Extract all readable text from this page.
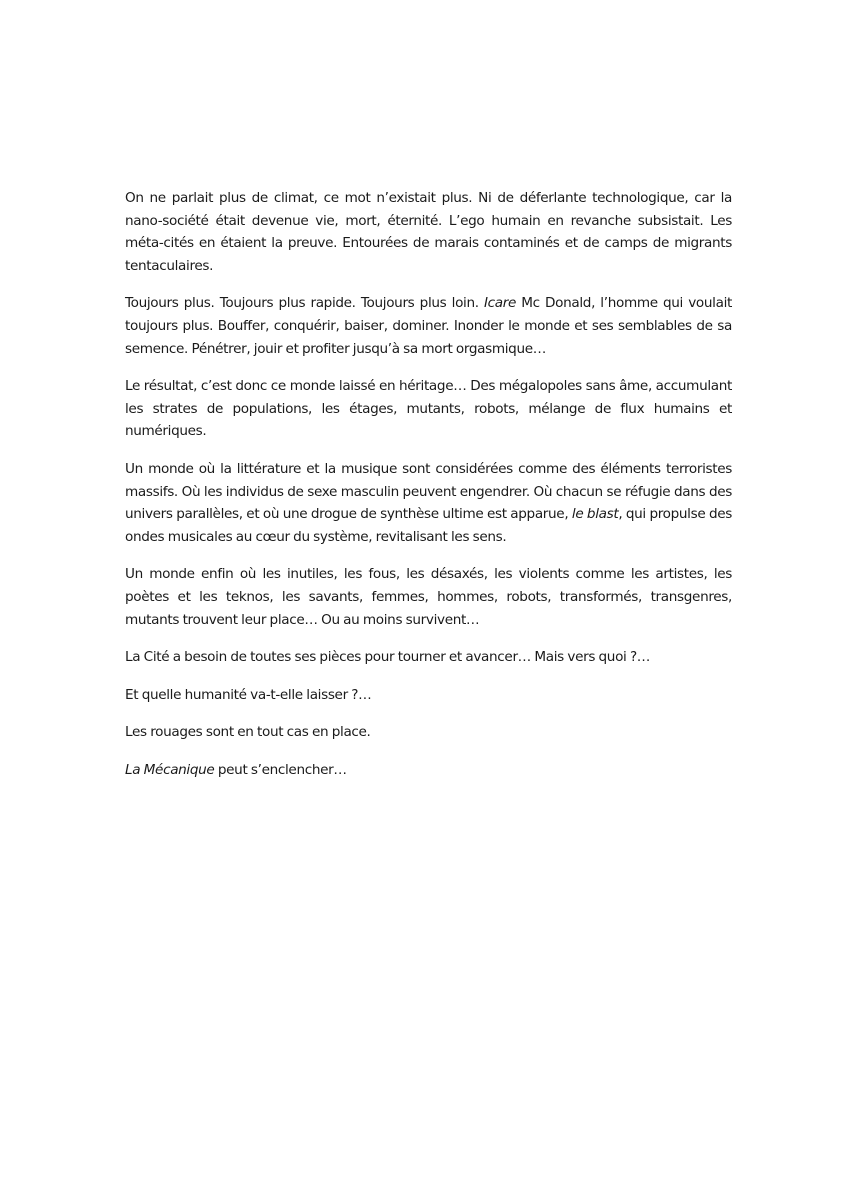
On ne parlait plus de climat, ce mot n’existait plus. Ni de déferlante technologique, car la nano-société était devenue vie, mort, éternité. L’ego humain en revanche subsistait. Les méta-cités en étaient la preuve. Entourées de marais contaminés et de camps de migrants tentaculaires.

Toujours plus. Toujours plus rapide. Toujours plus loin. Icare Mc Donald, l’homme qui voulait toujours plus. Bouffer, conquérir, baiser, dominer. Inonder le monde et ses semblables de sa semence. Pénétrer, jouir et profiter jusqu’à sa mort orgasmique…

Le résultat, c’est donc ce monde laissé en héritage… Des mégalopoles sans âme, accumulant les strates de populations, les étages, mutants, robots, mélange de flux humains et numériques.

Un monde où la littérature et la musique sont considérées comme des éléments terroristes massifs. Où les individus de sexe masculin peuvent engendrer. Où chacun se réfugie dans des univers parallèles, et où une drogue de synthèse ultime est apparue, le blast, qui propulse des ondes musicales au cœur du système, revitalisant les sens.

Un monde enfin où les inutiles, les fous, les désaxés, les violents comme les artistes, les poètes et les teknos, les savants, femmes, hommes, robots, transformés, transgenres, mutants trouvent leur place… Ou au moins survivent…

La Cité a besoin de toutes ses pièces pour tourner et avancer… Mais vers quoi ?…

Et quelle humanité va-t-elle laisser ?…

Les rouages sont en tout cas en place.

La Mécanique peut s’enclencher…
